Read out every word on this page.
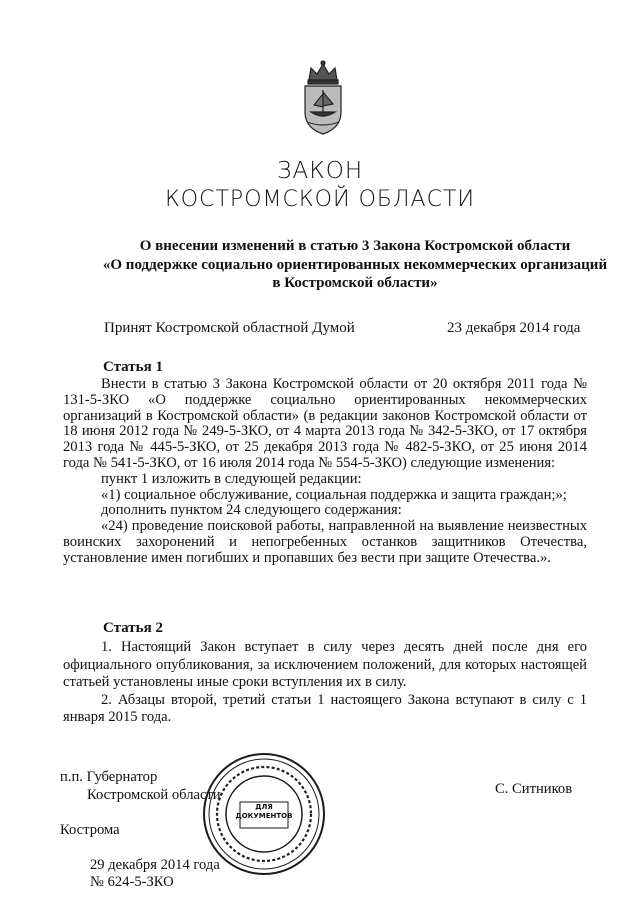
ЗАКОН
КОСТРОМСКОЙ ОБЛАСТИ
О внесении изменений в статью 3 Закона Костромской области
«О поддержке социально ориентированных некоммерческих организаций
в Костромской области»
Принят Костромской областной Думой	23 декабря 2014 года
Статья 1

Внести в статью 3 Закона Костромской области от 20 октября 2011 года № 131-5-ЗКО «О поддержке социально ориентированных некоммерческих организаций в Костромской области» (в редакции законов Костромской области от 18 июня 2012 года № 249-5-ЗКО, от 4 марта 2013 года № 342-5-ЗКО, от 17 октября 2013 года № 445-5-ЗКО, от 25 декабря 2013 года № 482-5-ЗКО, от 25 июня 2014 года № 541-5-ЗКО, от 16 июля 2014 года № 554-5-ЗКО) следующие изменения:

пункт 1 изложить в следующей редакции:

«1) социальное обслуживание, социальная поддержка и защита граждан;»;

дополнить пунктом 24 следующего содержания:

«24) проведение поисковой работы, направленной на выявление неизвестных воинских захоронений и непогребенных останков защитников Отечества, установление имен погибших и пропавших без вести при защите Отечества.».

Статья 2

1. Настоящий Закон вступает в силу через десять дней после дня его официального опубликования, за исключением положений, для которых настоящей статьей установлены иные сроки вступления их в силу.

2. Абзацы второй, третий статьи 1 настоящего Закона вступают в силу с 1 января 2015 года.

п.п. Губернатор
Костромской области	С. Ситников
Кострома
29 декабря 2014 года
№ 624-5-ЗКО
ДЛЯ
ДОКУМЕНТОВ
